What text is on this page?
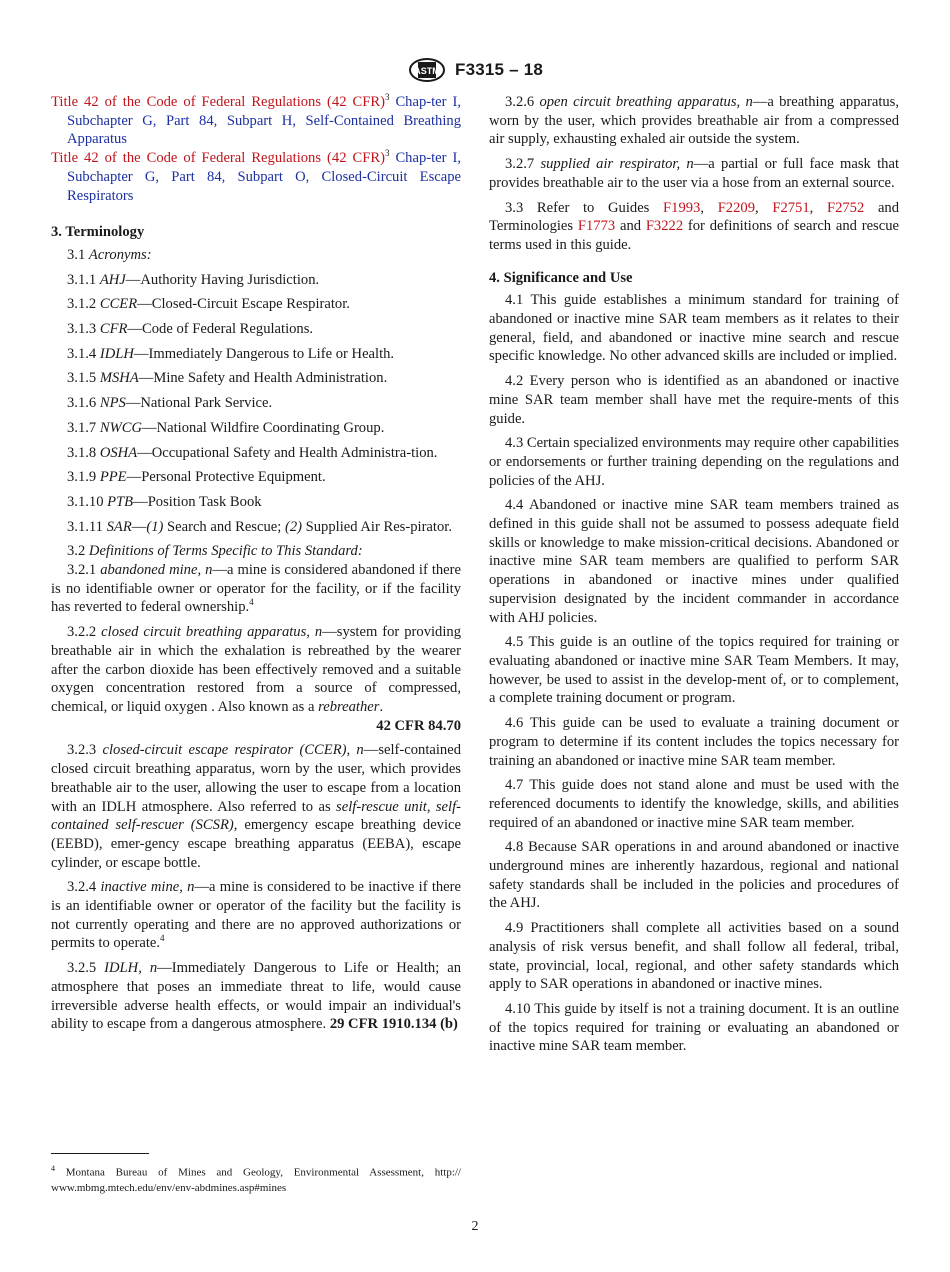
ASTM F3315 – 18

Title 42 of the Code of Federal Regulations (42 CFR)$^3$ Chap-ter I, Subchapter G, Part 84, Subpart H, Self-Contained Breathing Apparatus

Title 42 of the Code of Federal Regulations (42 CFR)$^3$ Chap-ter I, Subchapter G, Part 84, Subpart O, Closed-Circuit Escape Respirators

3. Terminology

3.1 Acronyms:

3.1.1 AHJ—Authority Having Jurisdiction.

3.1.2 CCER—Closed-Circuit Escape Respirator.

3.1.3 CFR—Code of Federal Regulations.

3.1.4 IDLH—Immediately Dangerous to Life or Health.

3.1.5 MSHA—Mine Safety and Health Administration.

3.1.6 NPS—National Park Service.

3.1.7 NWCG—National Wildfire Coordinating Group.

3.1.8 OSHA—Occupational Safety and Health Administra-tion.

3.1.9 PPE—Personal Protective Equipment.

3.1.10 PTB—Position Task Book

3.1.11 SAR—(1) Search and Rescue; (2) Supplied Air Res-pirator.

3.2 Definitions of Terms Specific to This Standard:

3.2.1 abandoned mine, n—a mine is considered abandoned if there is no identifiable owner or operator for the facility, or if the facility has reverted to federal ownership.$^4$

3.2.2 closed circuit breathing apparatus, n—system for providing breathable air in which the exhalation is rebreathed by the wearer after the carbon dioxide has been effectively removed and a suitable oxygen concentration restored from a source of compressed, chemical, or liquid oxygen . Also known as a rebreather.
42 CFR 84.70

3.2.3 closed-circuit escape respirator (CCER), n—self-contained closed circuit breathing apparatus, worn by the user, which provides breathable air to the user, allowing the user to escape from a location with an IDLH atmosphere. Also referred to as self-rescue unit, self-contained self-rescuer (SCSR), emergency escape breathing device (EEBD), emer-gency escape breathing apparatus (EEBA), escape cylinder, or escape bottle.

3.2.4 inactive mine, n—a mine is considered to be inactive if there is an identifiable owner or operator of the facility but the facility is not currently operating and there are no approved authorizations or permits to operate.$^4$

3.2.5 IDLH, n—Immediately Dangerous to Life or Health; an atmosphere that poses an immediate threat to life, would cause irreversible adverse health effects, or would impair an individual's ability to escape from a dangerous atmosphere. 29 CFR 1910.134 (b)

3.2.6 open circuit breathing apparatus, n—a breathing apparatus, worn by the user, which provides breathable air from a compressed air supply, exhausting exhaled air outside the system.

3.2.7 supplied air respirator, n—a partial or full face mask that provides breathable air to the user via a hose from an external source.

3.3 Refer to Guides F1993, F2209, F2751, F2752 and Terminologies F1773 and F3222 for definitions of search and rescue terms used in this guide.

4. Significance and Use

4.1 This guide establishes a minimum standard for training of abandoned or inactive mine SAR team members as it relates to their general, field, and abandoned or inactive mine search and rescue specific knowledge. No other advanced skills are included or implied.

4.2 Every person who is identified as an abandoned or inactive mine SAR team member shall have met the require-ments of this guide.

4.3 Certain specialized environments may require other capabilities or endorsements or further training depending on the regulations and policies of the AHJ.

4.4 Abandoned or inactive mine SAR team members trained as defined in this guide shall not be assumed to possess adequate field skills or knowledge to make mission-critical decisions. Abandoned or inactive mine SAR team members are qualified to perform SAR operations in abandoned or inactive mines under qualified supervision designated by the incident commander in accordance with AHJ policies.

4.5 This guide is an outline of the topics required for training or evaluating abandoned or inactive mine SAR Team Members. It may, however, be used to assist in the develop-ment of, or to complement, a complete training document or program.

4.6 This guide can be used to evaluate a training document or program to determine if its content includes the topics necessary for training an abandoned or inactive mine SAR team member.

4.7 This guide does not stand alone and must be used with the referenced documents to identify the knowledge, skills, and abilities required of an abandoned or inactive mine SAR team member.

4.8 Because SAR operations in and around abandoned or inactive underground mines are inherently hazardous, regional and national safety standards shall be included in the policies and procedures of the AHJ.

4.9 Practitioners shall complete all activities based on a sound analysis of risk versus benefit, and shall follow all federal, tribal, state, provincial, local, regional, and other safety standards which apply to SAR operations in abandoned or inactive mines.

4.10 This guide by itself is not a training document. It is an outline of the topics required for training or evaluating an abandoned or inactive mine SAR team member.

$^4$ Montana Bureau of Mines and Geology, Environmental Assessment, http:// www.mbmg.mtech.edu/env/env-abdmines.asp#mines

2
